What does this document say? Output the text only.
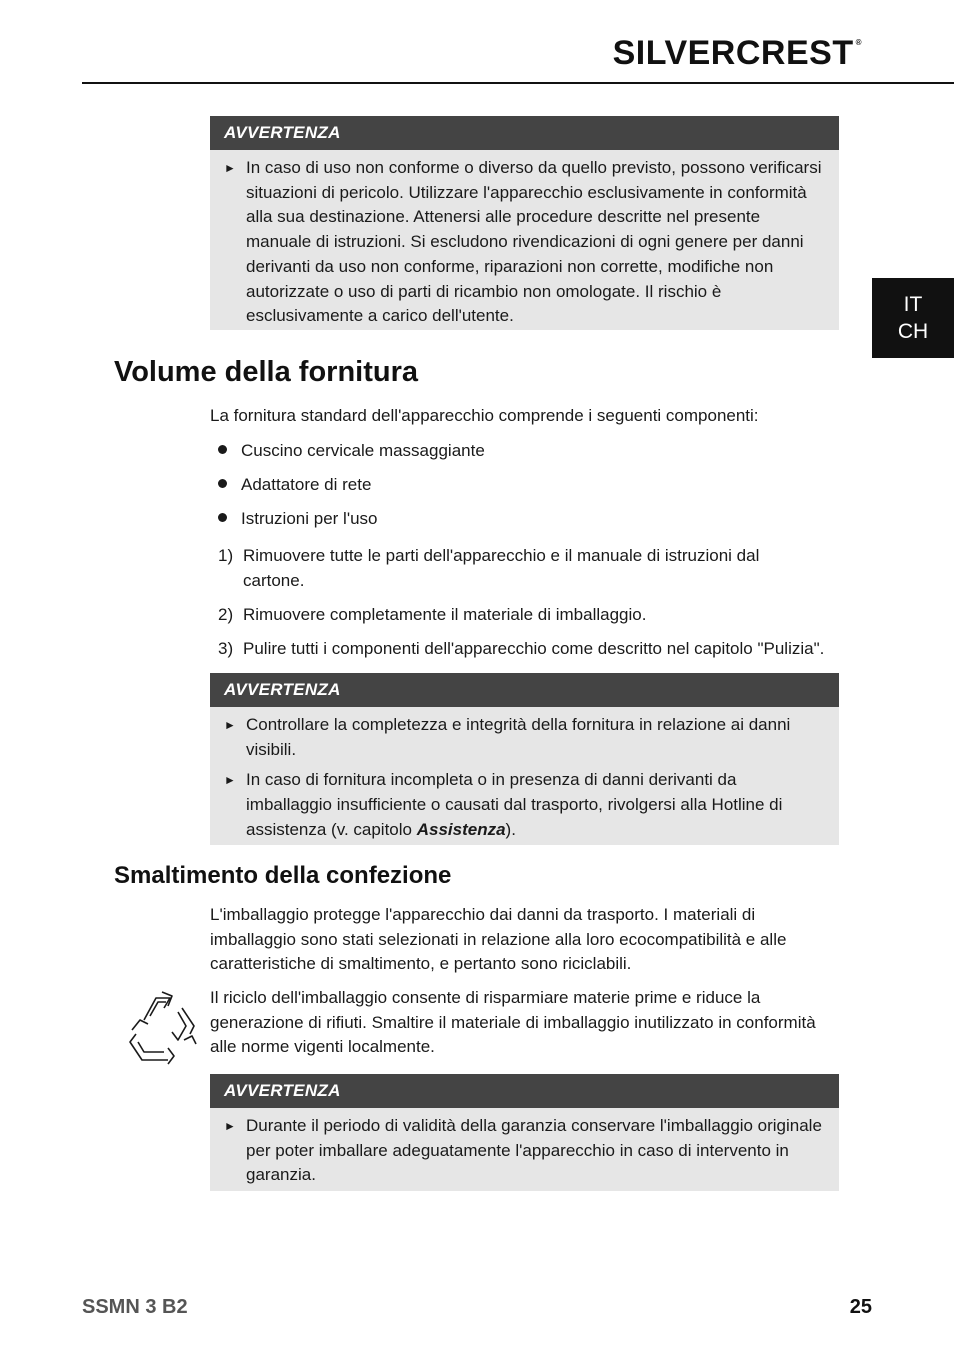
SILVERCREST ®
IT
CH
AVVERTENZA
► In caso di uso non conforme o diverso da quello previsto, possono verificarsi situazioni di pericolo. Utilizzare l'apparecchio esclusivamente in conformità alla sua destinazione. Attenersi alle procedure descritte nel presente manuale di istruzioni. Si escludono rivendicazioni di ogni genere per danni derivanti da uso non conforme, riparazioni non corrette, modifiche non autorizzate o uso di parti di ricambio non omologate. Il rischio è esclusivamente a carico dell'utente.
Volume della fornitura

La fornitura standard dell'apparecchio comprende i seguenti componenti:

Cuscino cervicale massaggiante
Adattatore di rete
Istruzioni per l'uso
1) Rimuovere tutte le parti dell'apparecchio e il manuale di istruzioni dal cartone.
2) Rimuovere completamente il materiale di imballaggio.
3) Pulire tutti i componenti dell'apparecchio come descritto nel capitolo "Pulizia".
AVVERTENZA
► Controllare la completezza e integrità della fornitura in relazione ai danni visibili.
► In caso di fornitura incompleta o in presenza di danni derivanti da imballaggio insufficiente o causati dal trasporto, rivolgersi alla Hotline di assistenza (v. capitolo Assistenza).
Smaltimento della confezione

L'imballaggio protegge l'apparecchio dai danni da trasporto. I materiali di imballaggio sono stati selezionati in relazione alla loro ecocompatibilità e alle caratteristiche di smaltimento, e pertanto sono riciclabili.

Il riciclo dell'imballaggio consente di risparmiare materie prime e riduce la generazione di rifiuti. Smaltire il materiale di imballaggio inutilizzato in conformità alle norme vigenti localmente.

AVVERTENZA
► Durante il periodo di validità della garanzia conservare l'imballaggio originale per poter imballare adeguatamente l'apparecchio in caso di intervento in garanzia.
SSMN 3 B2	25
